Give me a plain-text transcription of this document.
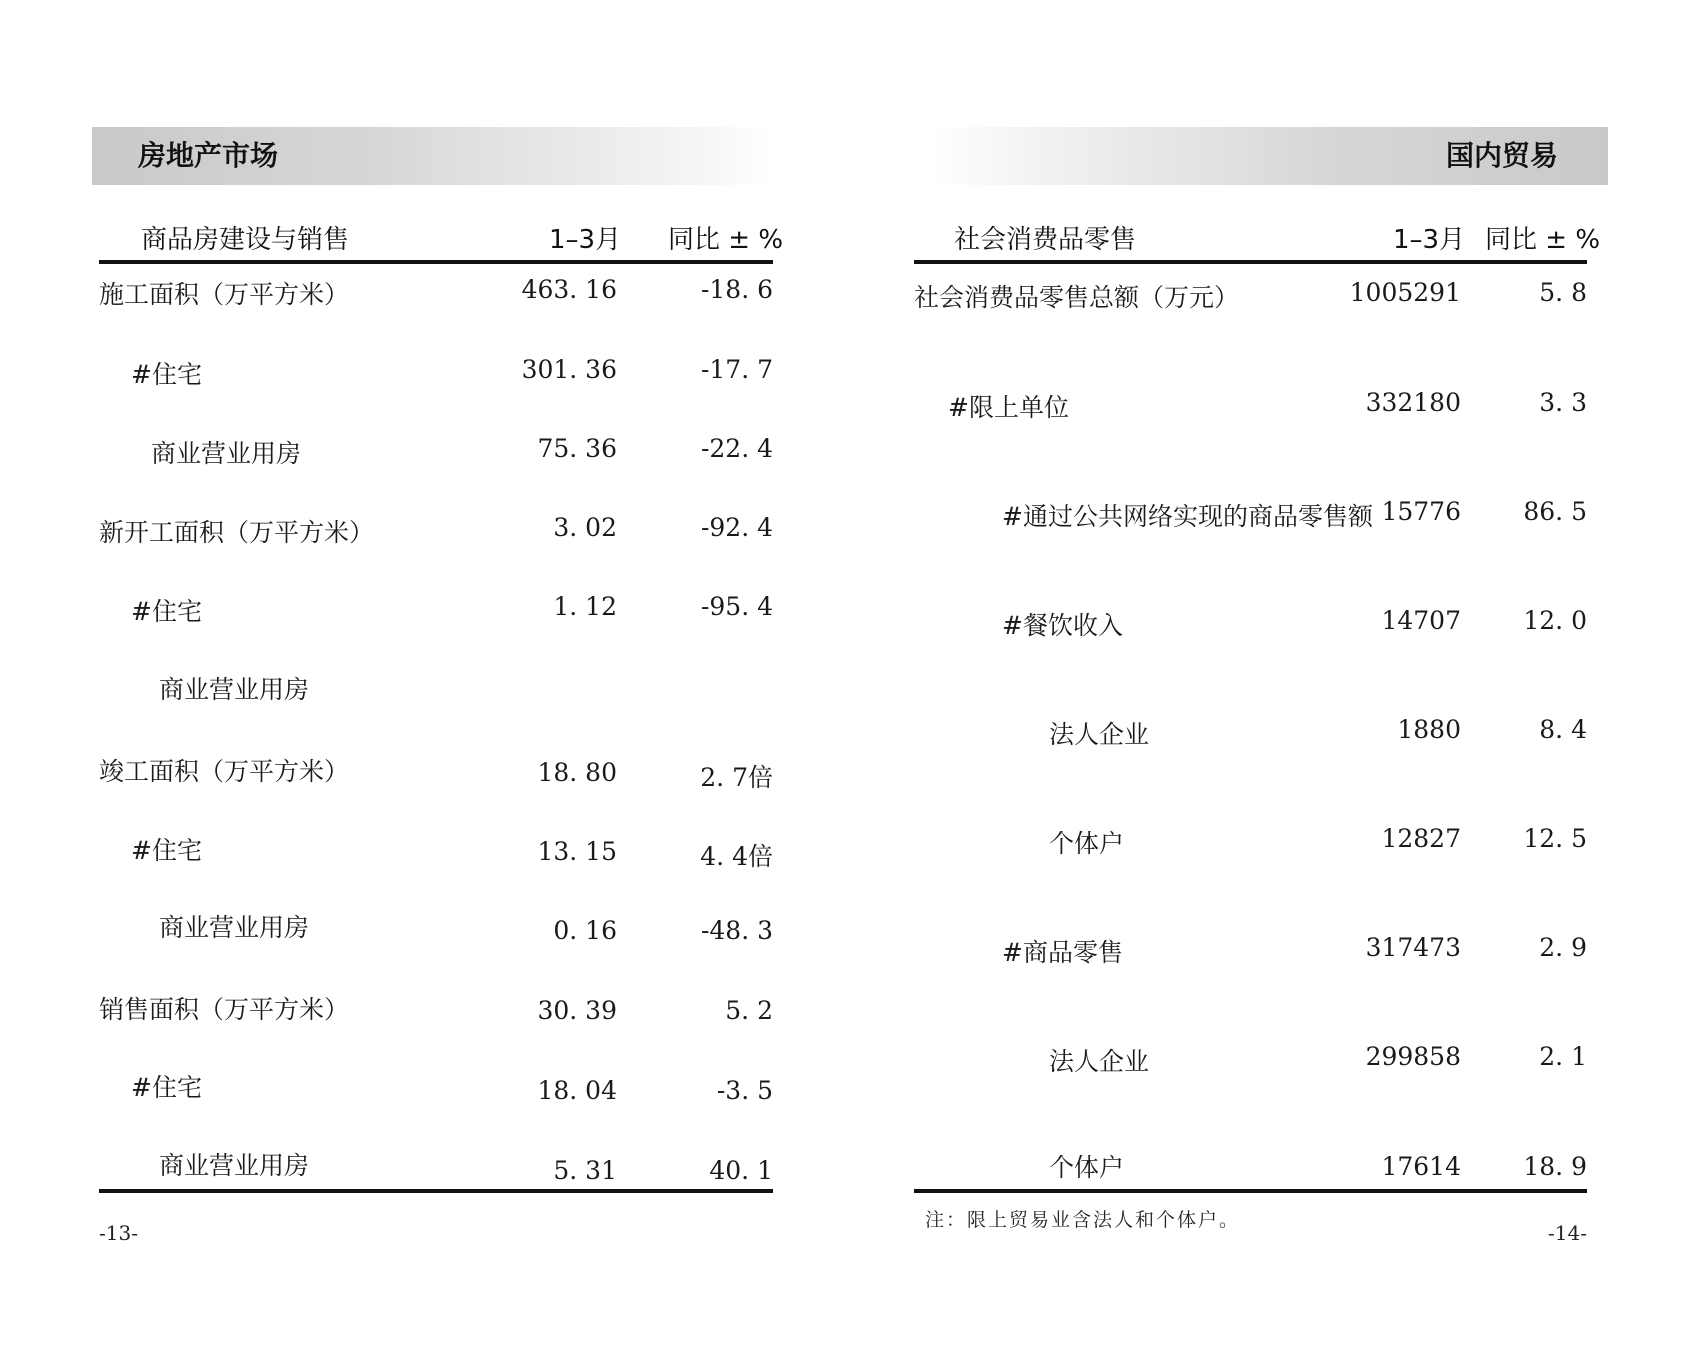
房地产市场
商品房建设与销售	1–3月 同比 ± %
施工面积（万平方米）	463. 16	-18. 6
#住宅	301. 36	-17. 7
商业营业用房	75. 36	-22. 4
新开工面积（万平方米）	3. 02	-92. 4
#住宅	1. 12	-95. 4
商业营业用房
竣工面积（万平方米）	18. 80	2. 7倍
#住宅	13. 15	4. 4倍
商业营业用房	0. 16	-48. 3
销售面积（万平方米）	30. 39	5. 2
#住宅	18. 04	-3. 5
商业营业用房	5. 31	40. 1
-13-
国内贸易
社会消费品零售	1–3月 同比 ± %
社会消费品零售总额（万元）	1005291	5. 8
#限上单位	332180	3. 3
#通过公共网络实现的商品零售额 15776 86. 5
#餐饮收入	14707 12. 0
法人企业	1880	8. 4
个体户	12827 12. 5
#商品零售	317473	2. 9
法人企业	299858	2. 1
个体户	17614 18. 9
注：限上贸易业含法人和个体户。
-14-
